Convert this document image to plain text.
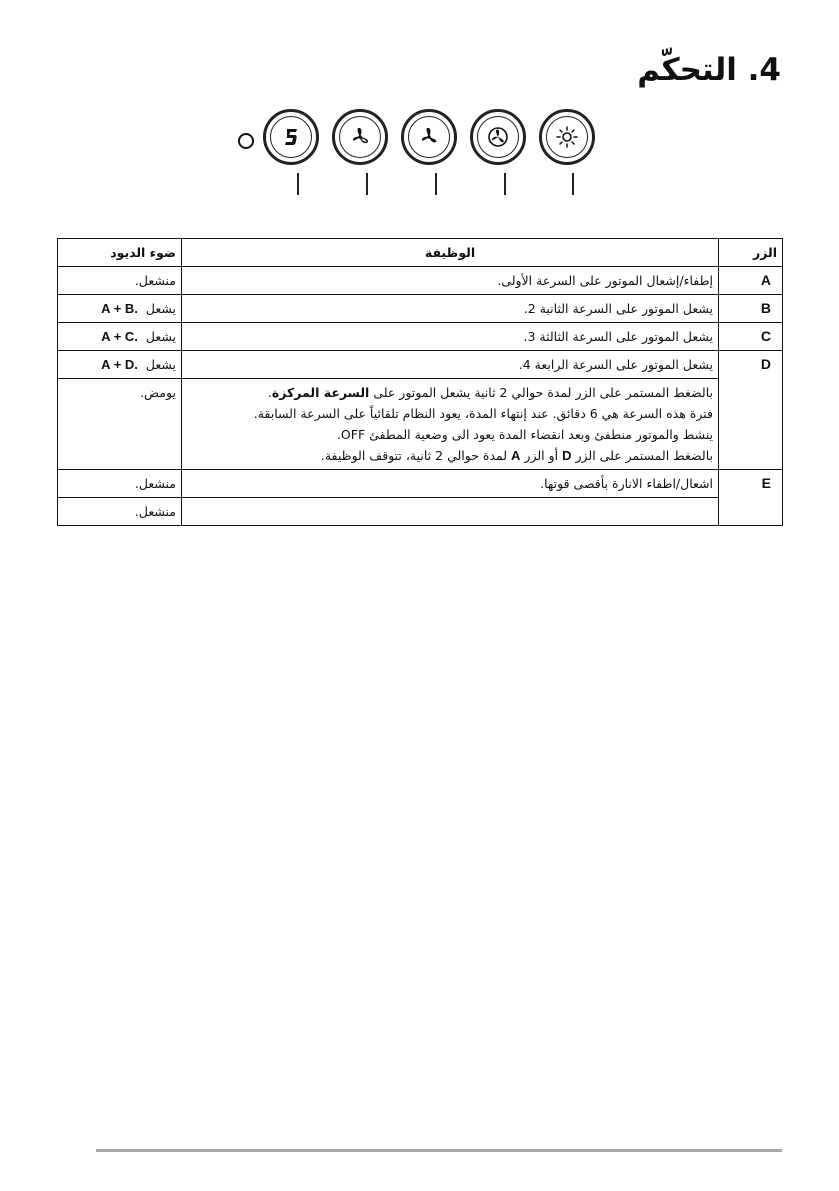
4. التحكّم
الزر	الوظيفة	ضوء الديود
A	إطفاء/إشعال الموتور على السرعة الأولى.	منشعل.
B	يشعل الموتور على السرعة الثانية 2.	يشعل  A + B.
C	يشعل الموتور على السرعة الثالثة 3.	يشعل  A + C.
D	يشعل الموتور على السرعة الرابعة 4.	يشعل  A + D.

	بالضغط المستمر على الزر لمدة حوالي 2 ثانية يشعل الموتور على السرعة المركزة.
فترة هذه السرعة هي 6 دقائق. عند إنتهاء المدة، يعود النظام تلقائياً على السرعة السابقة.
ينشط والموتور منطفئ وبعد انقضاء المدة يعود الى وضعية المطفئ OFF.
بالضغط المستمر على الزر D أو الزر A لمدة حوالي 2 ثانية، تتوقف الوظيفة.	يومض.
E	اشعال/اطفاء الانارة بأقصى قوتها.	منشعل.
		منشعل.
